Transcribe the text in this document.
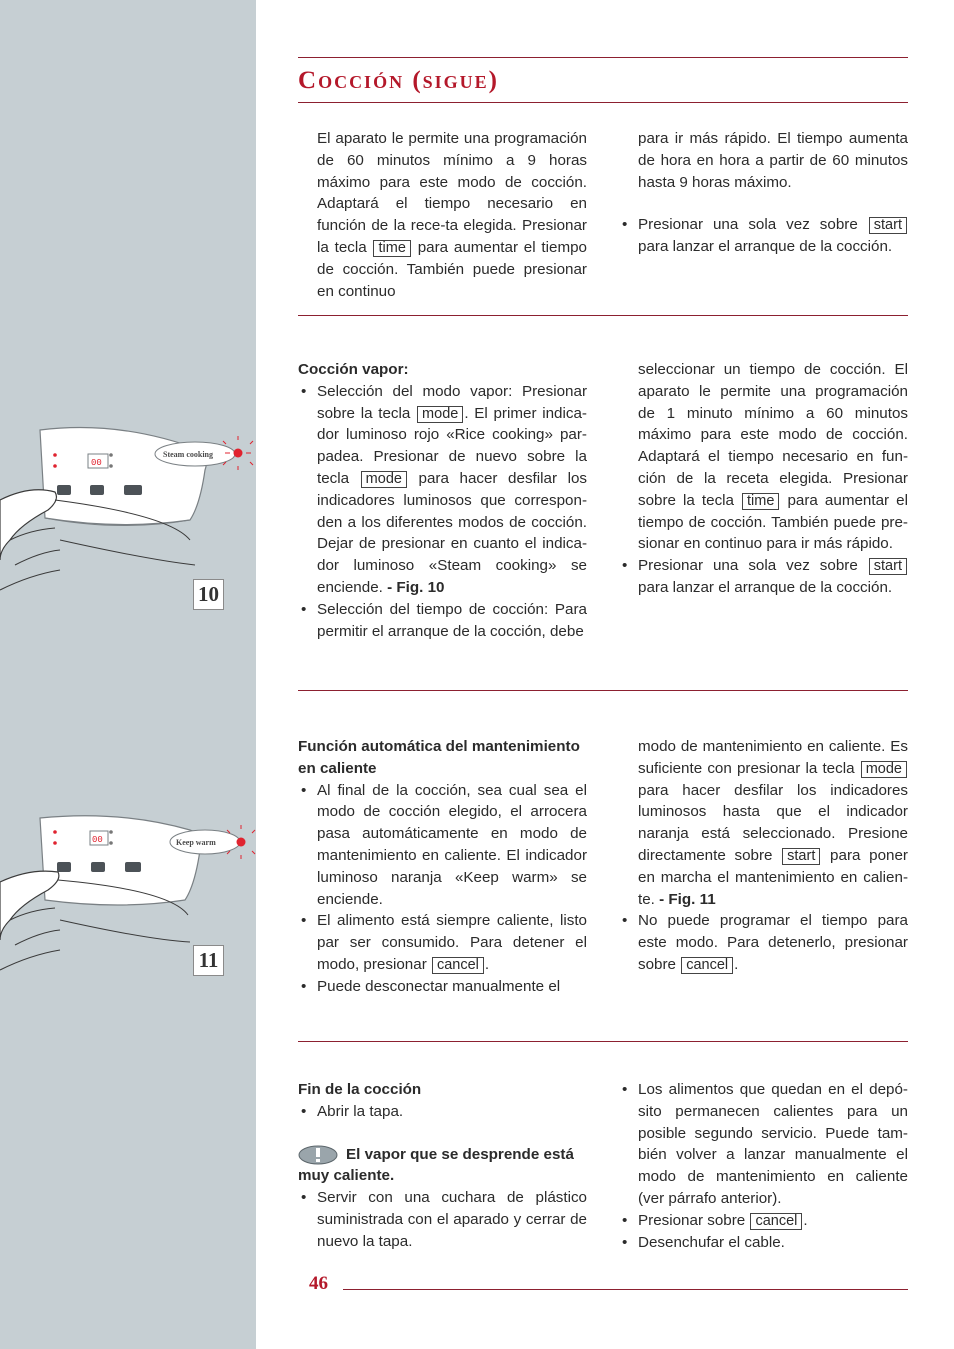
Cocción (sigue)

El aparato le permite una programación de 60 minutos mínimo a 9 horas máximo para este modo de cocción. Adaptará el tiempo necesario en función de la rece-ta elegida. Presionar la tecla time para aumentar el tiempo de cocción. También puede presionar en continuo

para ir más rápido. El tiempo aumenta de hora en hora a partir de 60 minutos hasta 9 horas máximo.

• Presionar una sola vez sobre start para lanzar el arranque de la cocción.

Cocción vapor:

• Selección del modo vapor: Presionar sobre la tecla mode . El primer indica-dor luminoso rojo «Rice cooking» par-padea. Presionar de nuevo sobre la tecla mode para hacer desfilar los indicadores luminosos que correspon-den a los diferentes modos de cocción. Dejar de presionar en cuanto el indica-dor luminoso «Steam cooking» se enciende. - Fig. 10
• Selección del tiempo de cocción: Para permitir el arranque de la cocción, debe

seleccionar un tiempo de cocción. El aparato le permite una programación de 1 minuto mínimo a 60 minutos máximo para este modo de cocción. Adaptará el tiempo necesario en fun-ción de la receta elegida. Presionar sobre la tecla time para aumentar el tiempo de cocción. También puede pre-sionar en continuo para ir más rápido.

• Presionar una sola vez sobre start para lanzar el arranque de la cocción.

Función automática del mantenimiento en caliente

• Al final de la cocción, sea cual sea el modo de cocción elegido, el arrocera pasa automáticamente en modo de mantenimiento en caliente. El indicador luminoso naranja «Keep warm» se enciende.
• El alimento está siempre caliente, listo par ser consumido. Para detener el modo, presionar cancel .
• Puede desconectar manualmente el

modo de mantenimiento en caliente. Es suficiente con presionar la tecla mode para hacer desfilar los indicadores luminosos hasta que el indicador naranja está seleccionado. Presione directamente sobre start para poner en marcha el mantenimiento en calien-te. - Fig. 11

• No puede programar el tiempo para este modo. Para detenerlo, presionar sobre cancel .

Fin de la cocción

• Abrir la tapa.

El vapor que se desprende está muy caliente.

• Servir con una cuchara de plástico suministrada con el aparado y cerrar de nuevo la tapa.
• Los alimentos que quedan en el depó-sito permanecen calientes para un posible segundo servicio. Puede tam-bién volver a lanzar manualmente el modo de mantenimiento en caliente (ver párrafo anterior).
• Presionar sobre cancel .
• Desenchufar el cable.
00
Steam cooking
10
00	Keep warm
11
46
